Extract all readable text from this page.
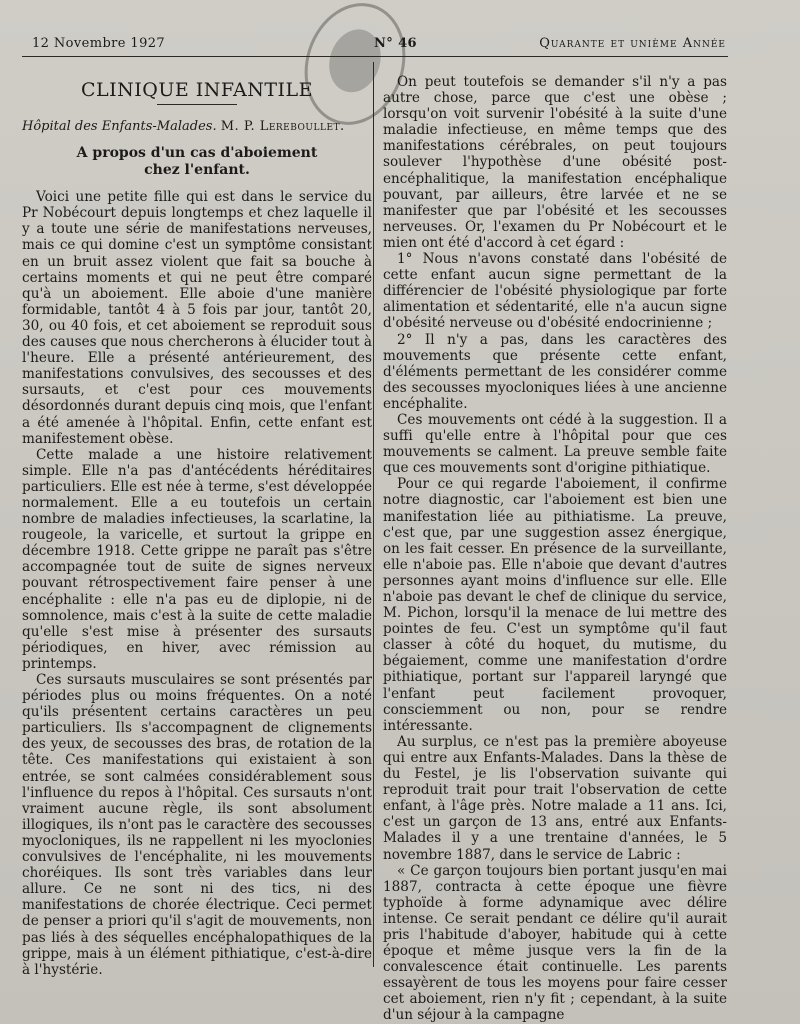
12 Novembre 1927	N° 46	Quarante et unième Année
CLINIQUE INFANTILE
Hôpital des Enfants-Malades. M. P. Lereboullet.
A propos d'un cas d'aboiement
chez l'enfant.

Voici une petite fille qui est dans le service du Pr Nobécourt depuis longtemps et chez laquelle il y a toute une série de manifestations nerveuses, mais ce qui domine c'est un symptôme consistant en un bruit assez violent que fait sa bouche à certains moments et qui ne peut être comparé qu'à un aboiement. Elle aboie d'une manière formidable, tantôt 4 à 5 fois par jour, tantôt 20, 30, ou 40 fois, et cet aboiement se reproduit sous des causes que nous chercherons à élucider tout à l'heure. Elle a présenté antérieurement, des manifestations convulsives, des secousses et des sursauts, et c'est pour ces mouvements désordonnés durant depuis cinq mois, que l'enfant a été amenée à l'hôpital. Enfin, cette enfant est manifestement obèse.

Cette malade a une histoire relativement simple. Elle n'a pas d'antécédents héréditaires particuliers. Elle est née à terme, s'est développée normalement. Elle a eu toutefois un certain nombre de maladies infectieuses, la scarlatine, la rougeole, la varicelle, et surtout la grippe en décembre 1918. Cette grippe ne paraît pas s'être accompagnée tout de suite de signes nerveux pouvant rétrospectivement faire penser à une encéphalite : elle n'a pas eu de diplopie, ni de somnolence, mais c'est à la suite de cette maladie qu'elle s'est mise à présenter des sursauts périodiques, en hiver, avec rémission au printemps.

Ces sursauts musculaires se sont présentés par périodes plus ou moins fréquentes. On a noté qu'ils présentent certains caractères un peu particuliers. Ils s'accompagnent de clignements des yeux, de secousses des bras, de rotation de la tête. Ces manifestations qui existaient à son entrée, se sont calmées considérablement sous l'influence du repos à l'hôpital. Ces sursauts n'ont vraiment aucune règle, ils sont absolument illogiques, ils n'ont pas le caractère des secousses myocloniques, ils ne rappellent ni les myoclonies convulsives de l'encéphalite, ni les mouvements choréiques. Ils sont très variables dans leur allure. Ce ne sont ni des tics, ni des manifestations de chorée électrique. Ceci permet de penser a priori qu'il s'agit de mouvements, non pas liés à des séquelles encéphalopathiques de la grippe, mais à un élément pithiatique, c'est-à-dire à l'hystérie.

On peut toutefois se demander s'il n'y a pas autre chose, parce que c'est une obèse ; lorsqu'on voit survenir l'obésité à la suite d'une maladie infectieuse, en même temps que des manifestations cérébrales, on peut toujours soulever l'hypothèse d'une obésité post-encéphalitique, la manifestation encéphalique pouvant, par ailleurs, être larvée et ne se manifester que par l'obésité et les secousses nerveuses. Or, l'examen du Pr Nobécourt et le mien ont été d'accord à cet égard :

1° Nous n'avons constaté dans l'obésité de cette enfant aucun signe permettant de la différencier de l'obésité physiologique par forte alimentation et sédentarité, elle n'a aucun signe d'obésité nerveuse ou d'obésité endocrinienne ;

2° Il n'y a pas, dans les caractères des mouvements que présente cette enfant, d'éléments permettant de les considérer comme des secousses myocloniques liées à une ancienne encéphalite.

Ces mouvements ont cédé à la suggestion. Il a suffi qu'elle entre à l'hôpital pour que ces mouvements se calment. La preuve semble faite que ces mouvements sont d'origine pithiatique.

Pour ce qui regarde l'aboiement, il confirme notre diagnostic, car l'aboiement est bien une manifestation liée au pithiatisme. La preuve, c'est que, par une suggestion assez énergique, on les fait cesser. En présence de la surveillante, elle n'aboie pas. Elle n'aboie que devant d'autres personnes ayant moins d'influence sur elle. Elle n'aboie pas devant le chef de clinique du service, M. Pichon, lorsqu'il la menace de lui mettre des pointes de feu. C'est un symptôme qu'il faut classer à côté du hoquet, du mutisme, du bégaiement, comme une manifestation d'ordre pithiatique, portant sur l'appareil laryngé que l'enfant peut facilement provoquer, consciemment ou non, pour se rendre intéressante.

Au surplus, ce n'est pas la première aboyeuse qui entre aux Enfants-Malades. Dans la thèse de du Festel, je lis l'observation suivante qui reproduit trait pour trait l'observation de cette enfant, à l'âge près. Notre malade a 11 ans. Ici, c'est un garçon de 13 ans, entré aux Enfants-Malades il y a une trentaine d'années, le 5 novembre 1887, dans le service de Labric :

« Ce garçon toujours bien portant jusqu'en mai 1887, contracta à cette époque une fièvre typhoïde à forme adynamique avec délire intense. Ce serait pendant ce délire qu'il aurait pris l'habitude d'aboyer, habitude qui à cette époque et même jusque vers la fin de la convalescence était continuelle. Les parents essayèrent de tous les moyens pour faire cesser cet aboiement, rien n'y fit ; cependant, à la suite d'un séjour à la campagne
